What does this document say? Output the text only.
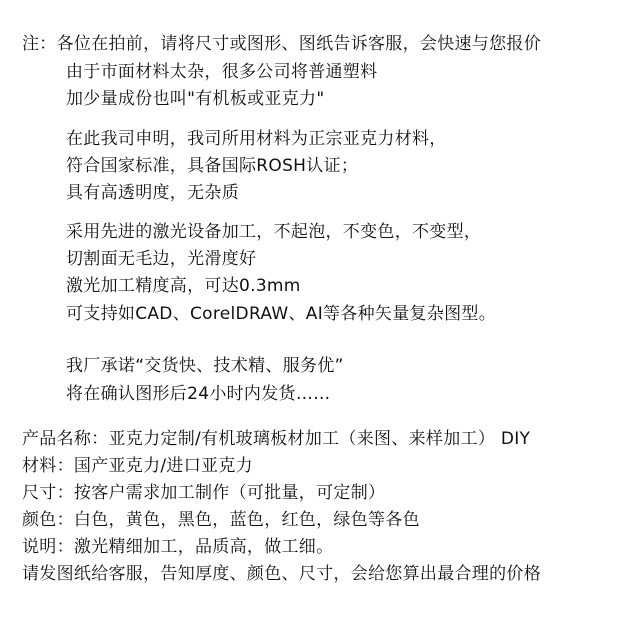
注：各位在拍前，请将尺寸或图形、图纸告诉客服，会快速与您报价
由于市面材料太杂，很多公司将普通塑料
加少量成份也叫"有机板或亚克力"
在此我司申明，我司所用材料为正宗亚克力材料，
符合国家标准，具备国际ROSH认证；
具有高透明度，无杂质
采用先进的激光设备加工，不起泡，不变色，不变型，
切割面无毛边，光滑度好
激光加工精度高，可达0.3mm
可支持如CAD、CorelDRAW、AI等各种矢量复杂图型。
我厂承诺“交货快、技术精、服务优”
将在确认图形后24小时内发货……
产品名称：亚克力定制/有机玻璃板材加工（来图、来样加工） DIY
材料：国产亚克力/进口亚克力
尺寸：按客户需求加工制作（可批量，可定制）
颜色：白色，黄色，黑色，蓝色，红色，绿色等各色
说明：激光精细加工，品质高，做工细。
请发图纸给客服，告知厚度、颜色、尺寸，会给您算出最合理的价格
